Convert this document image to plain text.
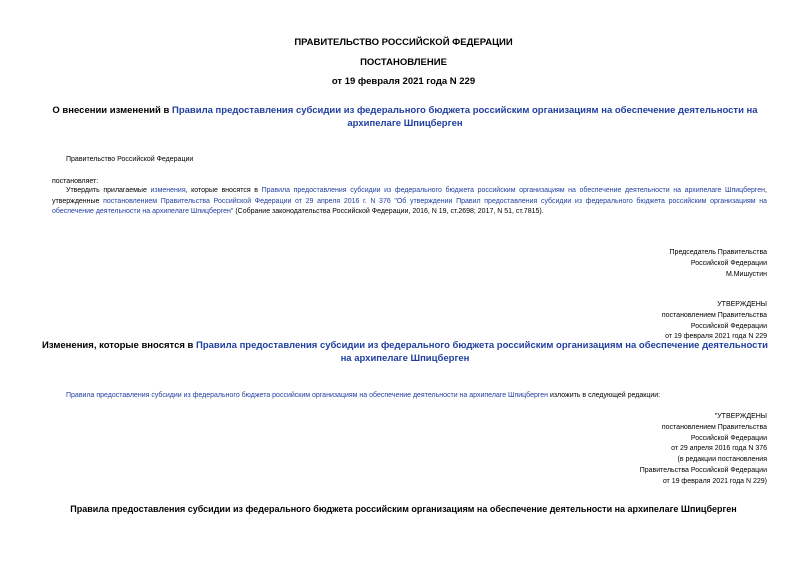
ПРАВИТЕЛЬСТВО РОССИЙСКОЙ ФЕДЕРАЦИИ
ПОСТАНОВЛЕНИЕ
от 19 февраля 2021 года N 229
О внесении изменений в Правила предоставления субсидии из федерального бюджета российским организациям на обеспечение деятельности на архипелаге Шпицберген
Правительство Российской Федерации
постановляет:
Утвердить прилагаемые изменения, которые вносятся в Правила предоставления субсидии из федерального бюджета российским организациям на обеспечение деятельности на архипелаге Шпицберген, утвержденные постановлением Правительства Российской Федерации от 29 апреля 2016 г. N 376 "Об утверждении Правил предоставления субсидии из федерального бюджета российским организациям на обеспечение деятельности на архипелаге Шпицберген" (Собрание законодательства Российской Федерации, 2016, N 19, ст.2698; 2017, N 51, ст.7815).
Председатель Правительства
Российской Федерации
М.Мишустин
УТВЕРЖДЕНЫ
постановлением Правительства
Российской Федерации
от 19 февраля 2021 года N 229
Изменения, которые вносятся в Правила предоставления субсидии из федерального бюджета российским организациям на обеспечение деятельности на архипелаге Шпицберген
Правила предоставления субсидии из федерального бюджета российским организациям на обеспечение деятельности на архипелаге Шпицберген изложить в следующей редакции:
"УТВЕРЖДЕНЫ
постановлением Правительства
Российской Федерации
от 29 апреля 2016 года N 376
(в редакции постановления
Правительства Российской Федерации
от 19 февраля 2021 года N 229)
Правила предоставления субсидии из федерального бюджета российским организациям на обеспечение деятельности на архипелаге Шпицберген
